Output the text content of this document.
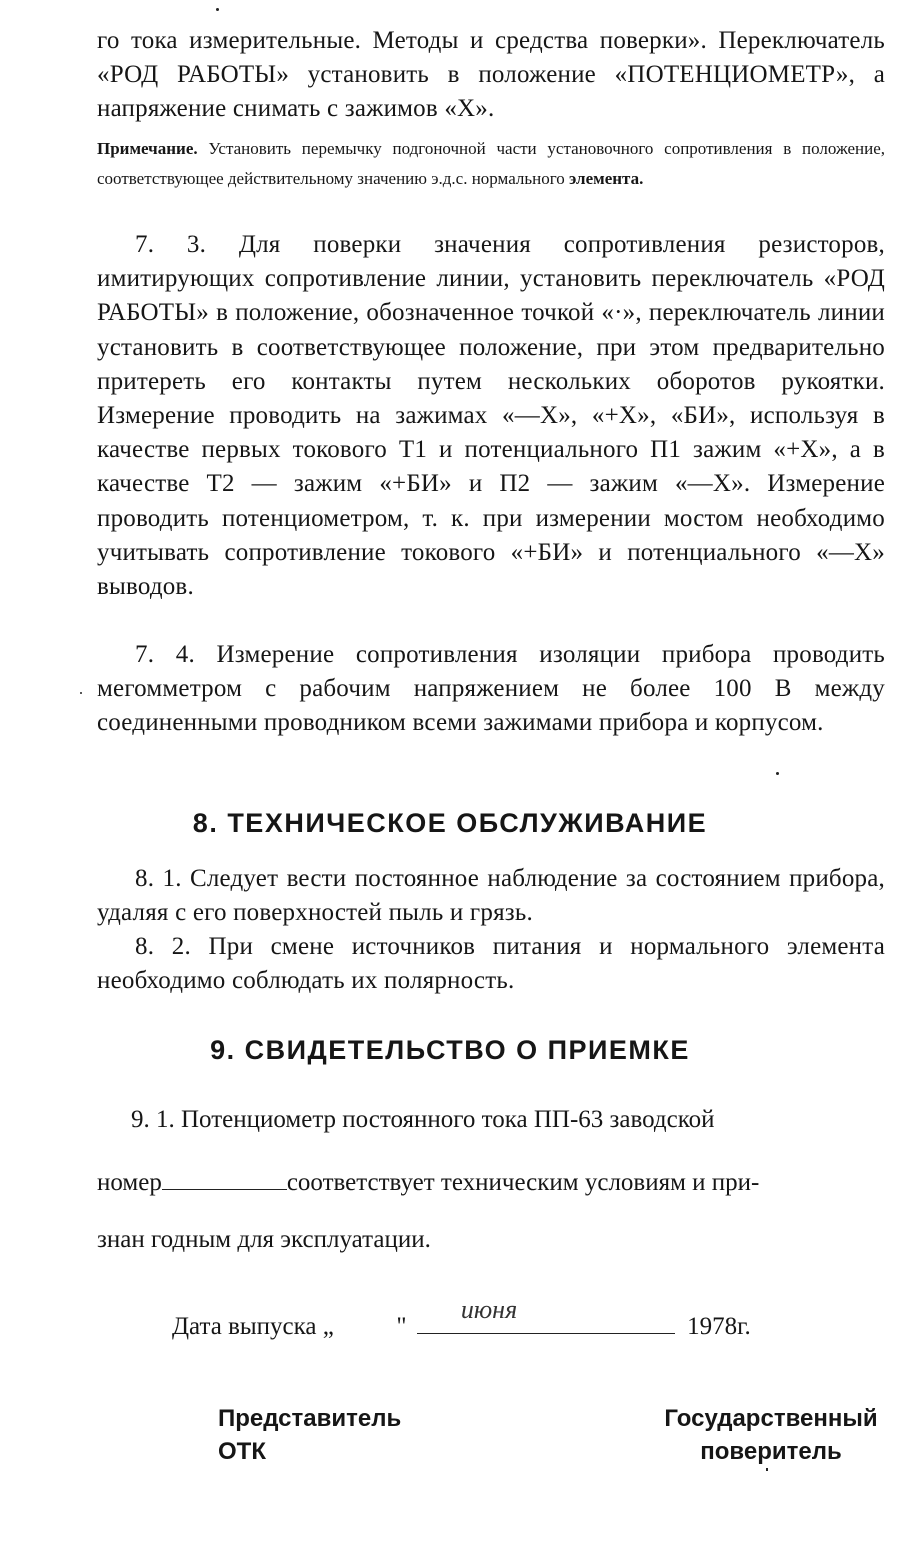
го тока измерительные. Методы и средства поверки». Переключатель «РОД РАБОТЫ» установить в положение «ПОТЕНЦИОМЕТР», а напряжение снимать с зажимов «Х».

Примечание. Установить перемычку подгоночной части установочного сопротивления в положение, соответствующее действительному значению э.д.с. нормального элемента.

7. 3. Для поверки значения сопротивления резисторов, имитирующих сопротивление линии, установить переключатель «РОД РАБОТЫ» в положение, обозначенное точкой «·», переключатель линии установить в соответствующее положение, при этом предварительно притереть его контакты путем нескольких оборотов рукоятки. Измерение проводить на зажимах «—Х», «+Х», «БИ», используя в качестве первых токового Т1 и потенциального П1 зажим «+Х», а в качестве Т2 — зажим «+БИ» и П2 — зажим «—Х». Измерение проводить потенциометром, т. к. при измерении мостом необходимо учитывать сопротивление токового «+БИ» и потенциального «—Х» выводов.

7. 4. Измерение сопротивления изоляции прибора проводить мегомметром с рабочим напряжением не более 100 В между соединенными проводником всеми зажимами прибора и корпусом.

8. ТЕХНИЧЕСКОЕ ОБСЛУЖИВАНИЕ

8. 1. Следует вести постоянное наблюдение за состоянием прибора, удаляя с его поверхностей пыль и грязь.

8. 2. При смене источников питания и нормального элемента необходимо соблюдать их полярность.

9. СВИДЕТЕЛЬСТВО О ПРИЕМКЕ

9. 1. Потенциометр постоянного тока ПП-63 заводской

номер	соответствует техническим условиям и при-

знан годным для эксплуатации.

Дата выпуска „	"
июня
1978г.
Представитель
ОТК
Государственный
поверитель
